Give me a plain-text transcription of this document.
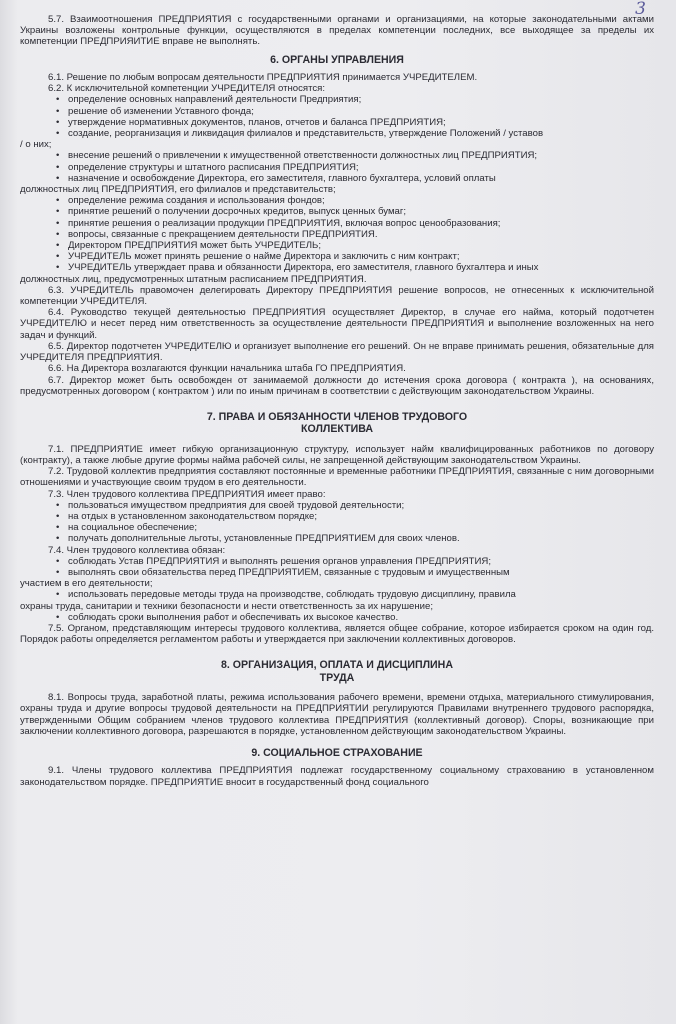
3

5.7. Взаимоотношения ПРЕДПРИЯТИЯ с государственными органами и организациями, на которые законодательными актами Украины возложены контрольные функции, осуществляются в пределах компетенции последних, все выходящее за пределы их компетенции ПРЕДПРИЯИТИЕ вправе не выполнять.

6. ОРГАНЫ УПРАВЛЕНИЯ

6.1. Решение по любым вопросам деятельности ПРЕДПРИЯТИЯ принимается УЧРЕДИТЕЛЕМ.

6.2. К исключительной компетенции УЧРЕДИТЕЛЯ относятся:

• определение основных направлений деятельности Предприятия;
• решение об изменении Уставного фонда;
• утверждение нормативных документов, планов, отчетов и баланса ПРЕДПРИЯТИЯ;
• создание, реорганизация и ликвидация филиалов и представительств, утверждение Положений / уставов
/ о них;
• внесение решений о привлечении к имущественной ответственности должностных лиц ПРЕДПРИЯТИЯ;
• определение структуры и штатного расписания ПРЕДПРИЯТИЯ;
• назначение и освобождение Директора, его заместителя, главного бухгалтера, условий оплаты
должностных лиц ПРЕДПРИЯТИЯ, его филиалов и представительств;
• определение режима создания и использования фондов;
• принятие решений о получении досрочных кредитов, выпуск ценных бумаг;
• принятие решения о реализации продукции ПРЕДПРИЯТИЯ, включая вопрос ценообразования;
• вопросы, связанные с прекращением деятельности ПРЕДПРИЯТИЯ.
• Директором ПРЕДПРИЯТИЯ может быть УЧРЕДИТЕЛЬ;
• УЧРЕДИТЕЛЬ может принять решение о найме Директора и заключить с ним контракт;
• УЧРЕДИТЕЛЬ утверждает права и обязанности Директора, его заместителя, главного бухгалтера и иных
должностных лиц, предусмотренных штатным расписанием ПРЕДПРИЯТИЯ.

6.3. УЧРЕДИТЕЛЬ правомочен делегировать Директору ПРЕДПРИЯТИЯ решение вопросов, не отнесенных к исключительной компетенции УЧРЕДИТЕЛЯ.

6.4. Руководство текущей деятельностью ПРЕДПРИЯТИЯ осуществляет Директор, в случае его найма, который подотчетен УЧРЕДИТЕЛЮ и несет перед ним ответственность за осуществление деятельности ПРЕДПРИЯТИЯ и выполнение возложенных на него задач и функций.

6.5. Директор подотчетен УЧРЕДИТЕЛЮ и организует выполнение его решений. Он не вправе принимать решения, обязательные для УЧРЕДИТЕЛЯ ПРЕДПРИЯТИЯ.

6.6. На Директора возлагаются функции начальника штаба ГО ПРЕДПРИЯТИЯ.

6.7. Директор может быть освобожден от занимаемой должности до истечения срока договора ( контракта ), на основаниях, предусмотренных договором ( контрактом ) или по иным причинам в соответствии с действующим законодательством Украины.

7. ПРАВА И ОБЯЗАННОСТИ ЧЛЕНОВ ТРУДОВОГО
КОЛЛЕКТИВА

7.1. ПРЕДПРИЯТИЕ имеет гибкую организационную структуру, использует найм квалифицированных работников по договору (контракту), а также любые другие формы найма рабочей силы, не запрещенной действующим законодательством Украины.

7.2. Трудовой коллектив предприятия составляют постоянные и временные работники ПРЕДПРИЯТИЯ, связанные с ним договорными отношениями и участвующие своим трудом в его деятельности.

7.3. Член трудового коллектива ПРЕДПРИЯТИЯ имеет право:

• пользоваться имуществом предприятия для своей трудовой деятельности;
• на отдых в установленном законодательством порядке;
• на социальное обеспечение;
• получать дополнительные льготы, установленные ПРЕДПРИЯТИЕМ для своих членов.

7.4. Член трудового коллектива обязан:

• соблюдать Устав ПРЕДПРИЯТИЯ и выполнять решения органов управления ПРЕДПРИЯТИЯ;
• выполнять свои обязательства перед ПРЕДПРИЯТИЕМ, связанные с трудовым и имущественным
участием в его деятельности;
• использовать передовые методы труда на производстве, соблюдать трудовую дисциплину, правила
охраны труда, санитарии и техники безопасности и нести ответственность за их нарушение;
• соблюдать сроки выполнения работ и обеспечивать их высокое качество.

7.5. Органом, представляющим интересы трудового коллектива, является общее собрание, которое избирается сроком на один год. Порядок работы определяется регламентом работы и утверждается при заключении коллективных договоров.

8. ОРГАНИЗАЦИЯ, ОПЛАТА И ДИСЦИПЛИНА
ТРУДА

8.1. Вопросы труда, заработной платы, режима использования рабочего времени, времени отдыха, материального стимулирования, охраны труда и другие вопросы трудовой деятельности на ПРЕДПРИЯТИИ регулируются Правилами внутреннего трудового распорядка, утвержденными Общим собранием членов трудового коллектива ПРЕДПРИЯТИЯ (коллективный договор). Споры, возникающие при заключении коллективного договора, разрешаются в порядке, установленном действующим законодательством Украины.

9. СОЦИАЛЬНОЕ СТРАХОВАНИЕ

9.1. Члены трудового коллектива ПРЕДПРИЯТИЯ подлежат государственному социальному страхованию в установленном законодательством порядке. ПРЕДПРИЯТИЕ вносит в государственный фонд социального
